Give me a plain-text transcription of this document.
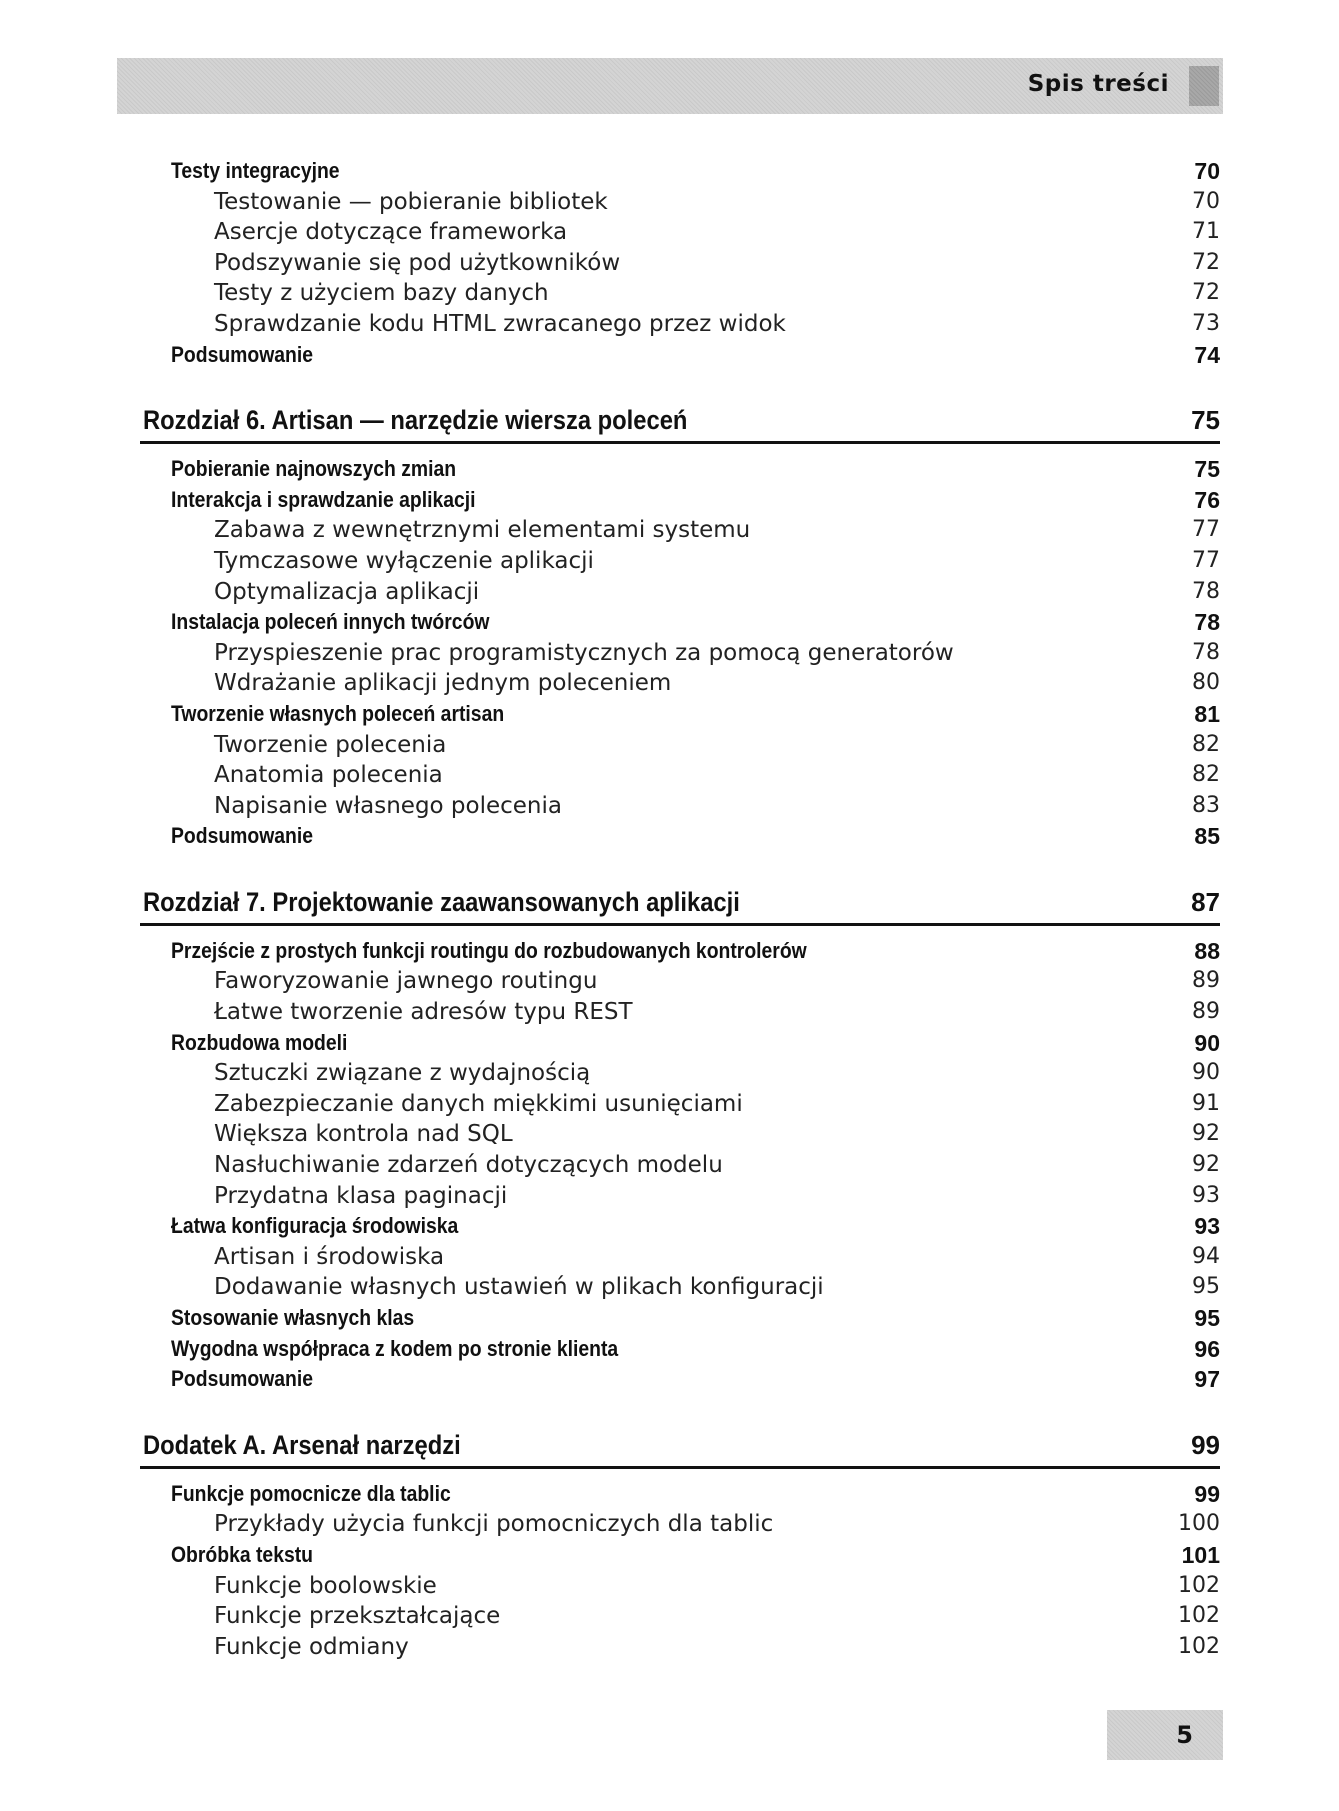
Spis treści
Testy integracyjne	70
Testowanie — pobieranie bibliotek	70
Asercje dotyczące frameworka	71
Podszywanie się pod użytkowników	72
Testy z użyciem bazy danych	72
Sprawdzanie kodu HTML zwracanego przez widok	73
Podsumowanie	74
Rozdział 6. Artisan — narzędzie wiersza poleceń	75
Pobieranie najnowszych zmian	75
Interakcja i sprawdzanie aplikacji	76
Zabawa z wewnętrznymi elementami systemu	77
Tymczasowe wyłączenie aplikacji	77
Optymalizacja aplikacji	78
Instalacja poleceń innych twórców	78
Przyspieszenie prac programistycznych za pomocą generatorów	78
Wdrażanie aplikacji jednym poleceniem	80
Tworzenie własnych poleceń artisan	81
Tworzenie polecenia	82
Anatomia polecenia	82
Napisanie własnego polecenia	83
Podsumowanie	85
Rozdział 7. Projektowanie zaawansowanych aplikacji	87
Przejście z prostych funkcji routingu do rozbudowanych kontrolerów	88
Faworyzowanie jawnego routingu	89
Łatwe tworzenie adresów typu REST	89
Rozbudowa modeli	90
Sztuczki związane z wydajnością	90
Zabezpieczanie danych miękkimi usunięciami	91
Większa kontrola nad SQL	92
Nasłuchiwanie zdarzeń dotyczących modelu	92
Przydatna klasa paginacji	93
Łatwa konfiguracja środowiska	93
Artisan i środowiska	94
Dodawanie własnych ustawień w plikach konfiguracji	95
Stosowanie własnych klas	95
Wygodna współpraca z kodem po stronie klienta	96
Podsumowanie	97
Dodatek A. Arsenał narzędzi	99
Funkcje pomocnicze dla tablic	99
Przykłady użycia funkcji pomocniczych dla tablic	100
Obróbka tekstu	101
Funkcje boolowskie	102
Funkcje przekształcające	102
Funkcje odmiany	102
5
